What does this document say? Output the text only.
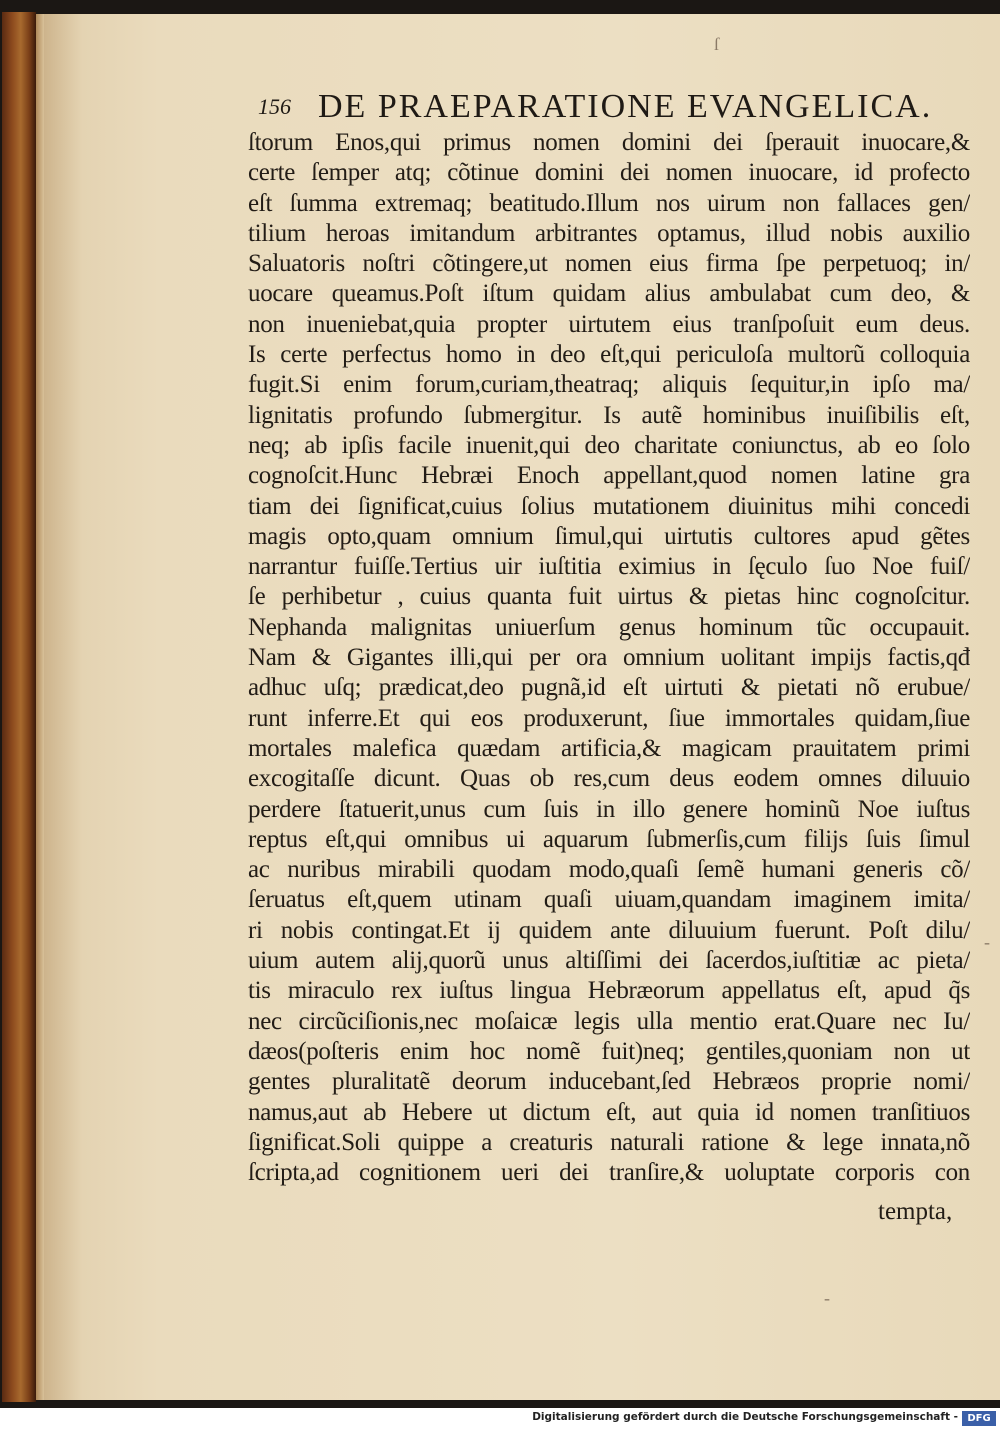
ſ
-
-
156 DE PRAEPARATIONE EVANGELICA.
ſtorum Enos,qui primus nomen domini dei ſperauit inuocare,&
certe ſemper atq; cõtinue domini dei nomen inuocare, id profecto
eſt ſumma extremaq; beatitudo.Illum nos uirum non fallaces gen/
tilium heroas imitandum arbitrantes optamus, illud nobis auxilio
Saluatoris noſtri cõtingere,ut nomen eius firma ſpe perpetuoq; in/
uocare queamus.Poſt iſtum quidam alius ambulabat cum deo, &
non inueniebat,quia propter uirtutem eius tranſpoſuit eum deus.
Is certe perfectus homo in deo eſt,qui periculoſa multorũ colloquia
fugit.Si enim forum,curiam,theatraq; aliquis ſequitur,in ipſo ma/
lignitatis profundo ſubmergitur. Is autẽ hominibus inuiſibilis eſt,
neq; ab ipſis facile inuenit,qui deo charitate coniunctus, ab eo ſolo
cognoſcit.Hunc Hebræi Enoch appellant,quod nomen latine gra
tiam dei ſignificat,cuius ſolius mutationem diuinitus mihi concedi
magis opto,quam omnium ſimul,qui uirtutis cultores apud gẽtes
narrantur fuiſſe.Tertius uir iuſtitia eximius in ſęculo ſuo Noe fuiſ/
ſe perhibetur , cuius quanta fuit uirtus & pietas hinc cognoſcitur.
Nephanda malignitas uniuerſum genus hominum tũc occupauit.
Nam & Gigantes illi,qui per ora omnium uolitant impijs factis,qđ
adhuc uſq; prædicat,deo pugnã,id eſt uirtuti & pietati nõ erubue/
runt inferre.Et qui eos produxerunt, ſiue immortales quidam,ſiue
mortales malefica quædam artificia,& magicam prauitatem primi
excogitaſſe dicunt. Quas ob res,cum deus eodem omnes diluuio
perdere ſtatuerit,unus cum ſuis in illo genere hominũ Noe iuſtus
reptus eſt,qui omnibus ui aquarum ſubmerſis,cum filijs ſuis ſimul
ac nuribus mirabili quodam modo,quaſi ſemẽ humani generis cõ/
ſeruatus eſt,quem utinam quaſi uiuam,quandam imaginem imita/
ri nobis contingat.Et ij quidem ante diluuium fuerunt. Poſt dilu/
uium autem alij,quorũ unus altiſſimi dei ſacerdos,iuſtitiæ ac pieta/
tis miraculo rex iuſtus lingua Hebræorum appellatus eſt, apud q̃s
nec circũciſionis,nec moſaicæ legis ulla mentio erat.Quare nec Iu/
dæos(poſteris enim hoc nomẽ fuit)neq; gentiles,quoniam non ut
gentes pluralitatẽ deorum inducebant,ſed Hebræos proprie nomi/
namus,aut ab Hebere ut dictum eſt, aut quia id nomen tranſitiuos
ſignificat.Soli quippe a creaturis naturali ratione & lege innata,nõ
ſcripta,ad cognitionem ueri dei tranſire,& uoluptate corporis con
tempta,
Digitalisierung gefördert durch die Deutsche Forschungsgemeinschaft - DFG
